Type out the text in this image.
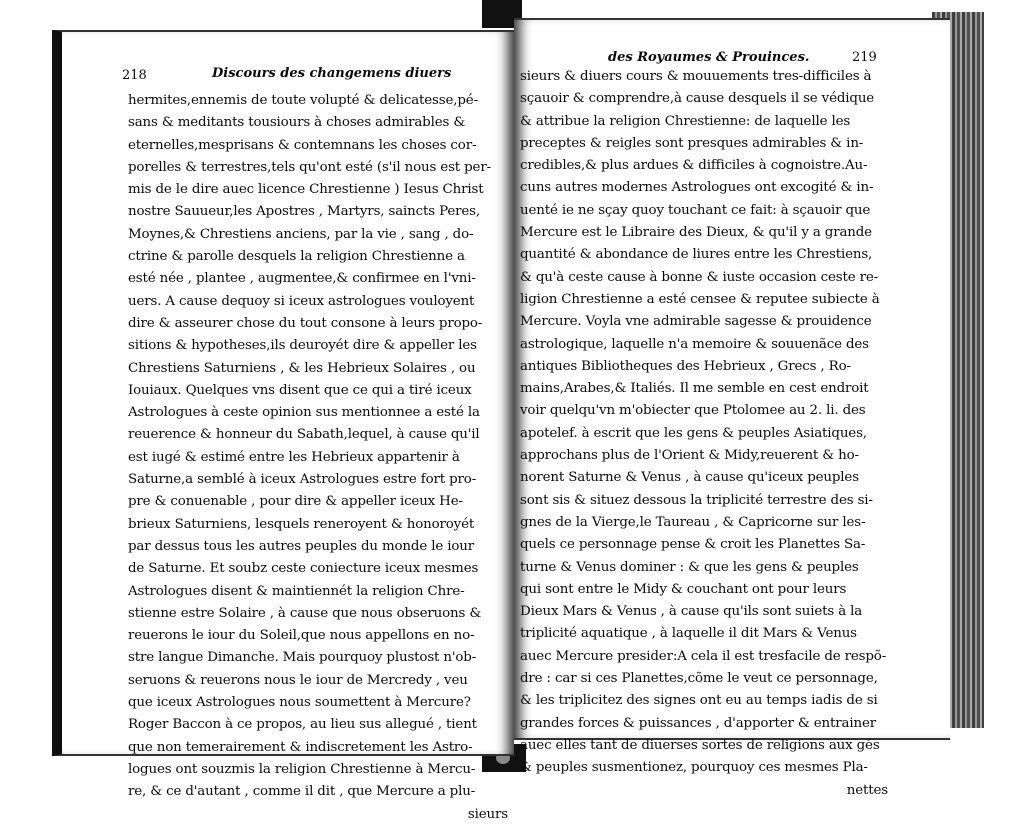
218	Discours des changemens diuers
hermites,ennemis de toute volupté & delicatesse,pé-
sans & meditants tousiours à choses admirables &
eternelles,mesprisans & contemnans les choses cor-
porelles & terrestres,tels qu'ont esté (s'il nous est per-
mis de le dire auec licence Chrestienne ) Iesus Christ
nostre Sauueur,les Apostres , Martyrs, saincts Peres,
Moynes,& Chrestiens anciens, par la vie , sang , do-
ctrine & parolle desquels la religion Chrestienne a
esté née , plantee , augmentee,& confirmee en l'vni-
uers. A cause dequoy si iceux astrologues vouloyent
dire & asseurer chose du tout consone à leurs propo-
sitions & hypotheses,ils deuroyét dire & appeller les
Chrestiens Saturniens , & les Hebrieux Solaires , ou
Iouiaux. Quelques vns disent que ce qui a tiré iceux
Astrologues à ceste opinion sus mentionnee a esté la
reuerence & honneur du Sabath,lequel, à cause qu'il
est iugé & estimé entre les Hebrieux appartenir à
Saturne,a semblé à iceux Astrologues estre fort pro-
pre & conuenable , pour dire & appeller iceux He-
brieux Saturniens, lesquels reneroyent & honoroyét
par dessus tous les autres peuples du monde le iour
de Saturne. Et soubz ceste coniecture iceux mesmes
Astrologues disent & maintiennét la religion Chre-
stienne estre Solaire , à cause que nous obseruons &
reuerons le iour du Soleil,que nous appellons en no-
stre langue Dimanche. Mais pourquoy plustost n'ob-
seruons & reuerons nous le iour de Mercredy , veu
que iceux Astrologues nous soumettent à Mercure?
Roger Baccon à ce propos, au lieu sus allegué , tient
que non temerairement & indiscretement les Astro-
logues ont souzmis la religion Chrestienne à Mercu-
re, & ce d'autant , comme il dit , que Mercure a plu-
sieurs
des Royaumes & Prouinces.	219
sieurs & diuers cours & mouuements tres-difficiles à
sçauoir & comprendre,à cause desquels il se védique
& attribue la religion Chrestienne: de laquelle les
preceptes & reigles sont presques admirables & in-
credibles,& plus ardues & difficiles à cognoistre.Au-
cuns autres modernes Astrologues ont excogité & in-
uenté ie ne sçay quoy touchant ce fait: à sçauoir que
Mercure est le Libraire des Dieux, & qu'il y a grande
quantité & abondance de liures entre les Chrestiens,
& qu'à ceste cause à bonne & iuste occasion ceste re-
ligion Chrestienne a esté censee & reputee subiecte à
Mercure. Voyla vne admirable sagesse & prouidence
astrologique, laquelle n'a memoire & souuenãce des
antiques Bibliotheques des Hebrieux , Grecs , Ro-
mains,Arabes,& Italiés. Il me semble en cest endroit
voir quelqu'vn m'obiecter que Ptolomee au 2. li. des
apotelef. à escrit que les gens & peuples Asiatiques,
approchans plus de l'Orient & Midy,reuerent & ho-
norent Saturne & Venus , à cause qu'iceux peuples
sont sis & situez dessous la triplicité terrestre des si-
gnes de la Vierge,le Taureau , & Capricorne sur les-
quels ce personnage pense & croit les Planettes Sa-
turne & Venus dominer : & que les gens & peuples
qui sont entre le Midy & couchant ont pour leurs
Dieux Mars & Venus , à cause qu'ils sont suiets à la
triplicité aquatique , à laquelle il dit Mars & Venus
auec Mercure presider:A cela il est tresfacile de respõ-
dre : car si ces Planettes,cõme le veut ce personnage,
& les triplicitez des signes ont eu au temps iadis de si
grandes forces & puissances , d'apporter & entrainer
auec elles tant de diuerses sortes de religions aux gés
& peuples susmentionez, pourquoy ces mesmes Pla-
nettes
